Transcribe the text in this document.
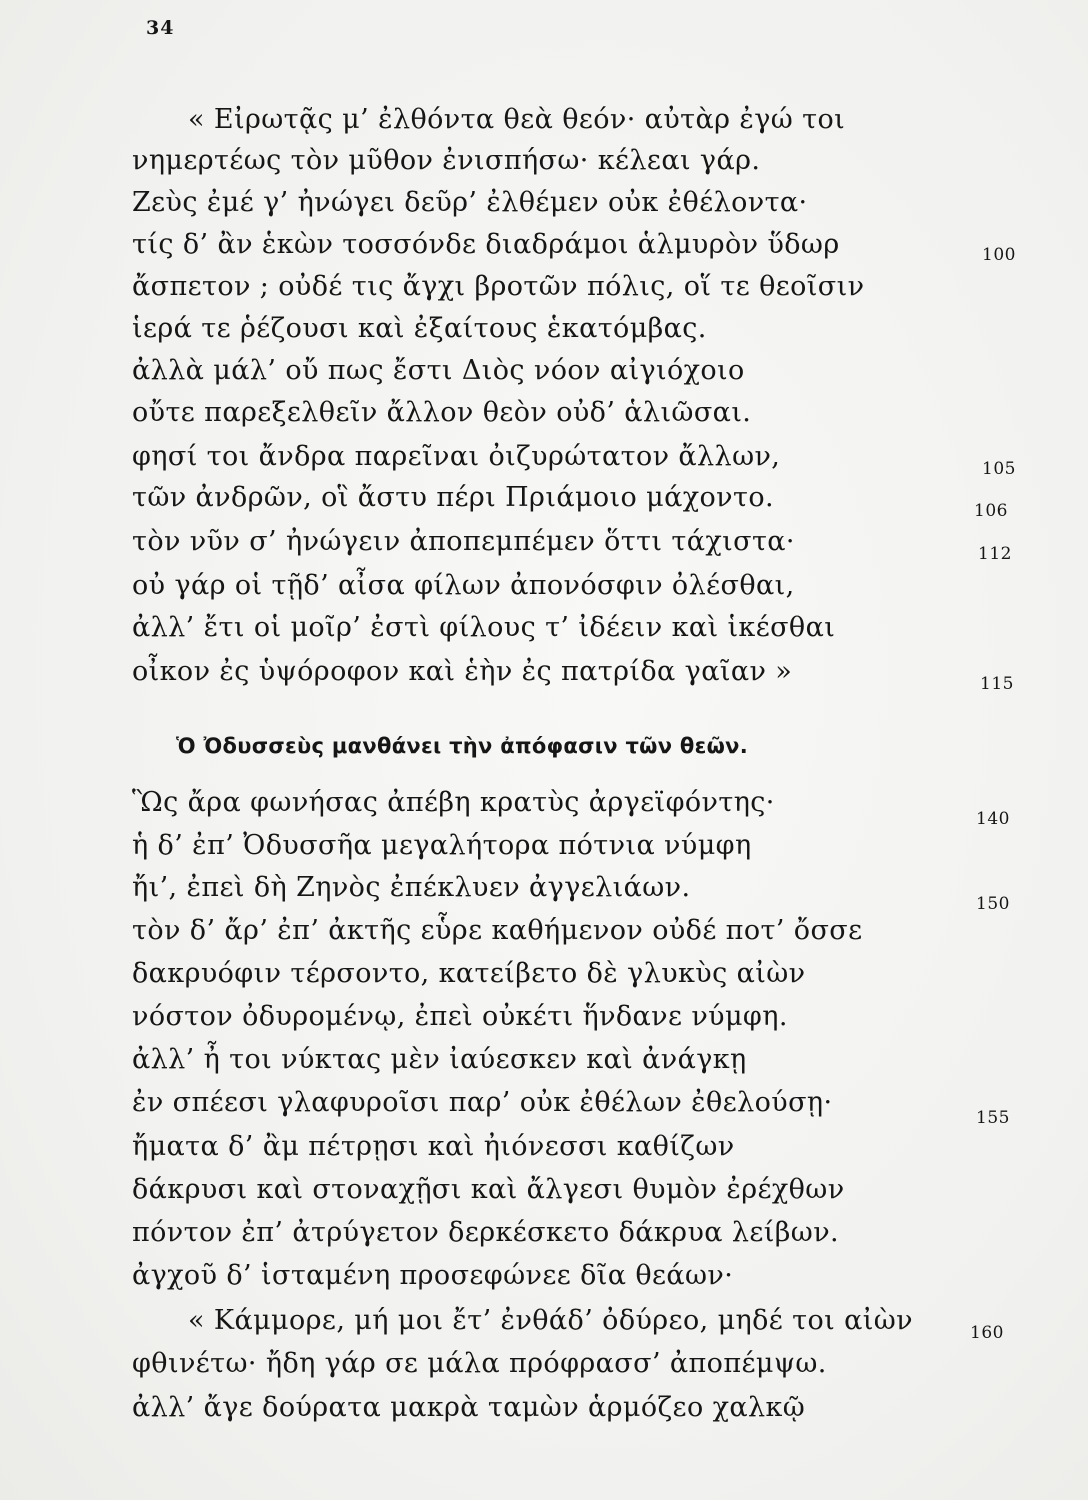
34
« Εἰρωτᾷς μ’ ἐλθόντα θεὰ θεόν· αὐτὰρ ἐγώ τοι
νημερτέως τὸν μῦθον ἐνισπήσω· κέλεαι γάρ.
Ζεὺς ἐμέ γ’ ἠνώγει δεῦρ’ ἐλθέμεν οὐκ ἐθέλοντα·
τίς δ’ ἂν ἑκὼν τοσσόνδε διαδράμοι ἁλμυρὸν ὕδωρ	100
ἄσπετον ; οὐδέ τις ἄγχι βροτῶν πόλις, οἵ τε θεοῖσιν
ἱερά τε ῥέζουσι καὶ ἐξαίτους ἑκατόμβας.
ἀλλὰ μάλ’ οὔ πως ἔστι Διὸς νόον αἰγιόχοιο
οὔτε παρεξελθεῖν ἄλλον θεὸν οὐδ’ ἁλιῶσαι.
φησί τοι ἄνδρα παρεῖναι ὀιζυρώτατον ἄλλων,	105
τῶν ἀνδρῶν, οἳ ἄστυ πέρι Πριάμοιο μάχοντο.	106
τὸν νῦν σ’ ἠνώγειν ἀποπεμπέμεν ὅττι τάχιστα·	112
οὐ γάρ οἱ τῇδ’ αἶσα φίλων ἀπονόσφιν ὀλέσθαι,
ἀλλ’ ἔτι οἱ μοῖρ’ ἐστὶ φίλους τ’ ἰδέειν καὶ ἱκέσθαι
οἶκον ἐς ὑψόροφον καὶ ἑὴν ἐς πατρίδα γαῖαν »	115
Ὁ Ὀδυσσεὺς μανθάνει τὴν ἀπόφασιν τῶν θεῶν.
Ὣς ἄρα φωνήσας ἀπέβη κρατὺς ἀργεϊφόντης·
140
ἡ δ’ ἐπ’ Ὀδυσσῆα μεγαλήτορα πότνια νύμφη
ἤι’, ἐπεὶ δὴ Ζηνὸς ἐπέκλυεν ἀγγελιάων.
150
τὸν δ’ ἄρ’ ἐπ’ ἀκτῆς εὗρε καθήμενον οὐδέ ποτ’ ὄσσε
δακρυόφιν τέρσοντο, κατείβετο δὲ γλυκὺς αἰὼν
νόστον ὀδυρομένῳ, ἐπεὶ οὐκέτι ἥνδανε νύμφη.
ἀλλ’ ἦ τοι νύκτας μὲν ἰαύεσκεν καὶ ἀνάγκῃ
ἐν σπέεσι γλαφυροῖσι παρ’ οὐκ ἐθέλων ἐθελούσῃ·	155
ἤματα δ’ ἂμ πέτρῃσι καὶ ἠιόνεσσι καθίζων
δάκρυσι καὶ στοναχῇσι καὶ ἄλγεσι θυμὸν ἐρέχθων
πόντον ἐπ’ ἀτρύγετον δερκέσκετο δάκρυα λείβων.
ἀγχοῦ δ’ ἱσταμένη προσεφώνεε δῖα θεάων·
« Κάμμορε, μή μοι ἔτ’ ἐνθάδ’ ὀδύρεο, μηδέ τοι αἰὼν	160
φθινέτω· ἤδη γάρ σε μάλα πρόφρασσ’ ἀποπέμψω.
ἀλλ’ ἄγε δούρατα μακρὰ ταμὼν ἁρμόζεο χαλκῷ
